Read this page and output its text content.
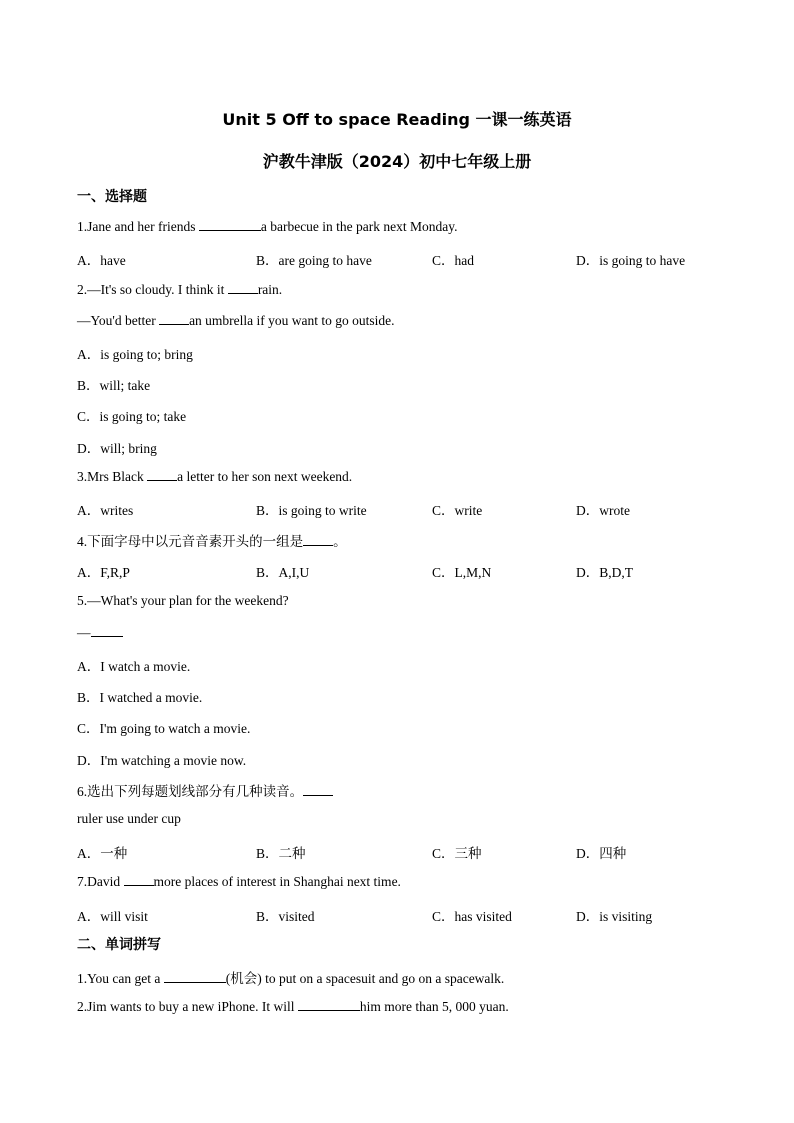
Unit 5 Off to space Reading 一课一练英语
沪教牛津版（2024）初中七年级上册
一、选择题
1.Jane and her friends	a barbecue in the park next Monday.
A．have	B．are going to have	C．had	D．is going to have
2.—It's so cloudy. I think it rain.
—You'd better an umbrella if you want to go outside.
A．is going to; bring
B．will; take
C．is going to; take
D．will; bring
3.Mrs Black a letter to her son next weekend.
A．writes	B．is going to write	C．write	D．wrote
4.下面字母中以元音音素开头的一组是 。
A．F,R,P	B．A,I,U	C．L,M,N	D．B,D,T
5.—What's your plan for the weekend?
—
A．I watch a movie.
B．I watched a movie.
C．I'm going to watch a movie.
D．I'm watching a movie now.
6.选出下列每题划线部分有几种读音。
ruler use under cup
A．一种	B．二种	C．三种	D．四种
7.David more places of interest in Shanghai next time.
A．will visit	B．visited	C．has visited	D．is visiting
二、单词拼写
1.You can get a	(机会) to put on a spacesuit and go on a spacewalk.
2.Jim wants to buy a new iPhone. It will	him more than 5, 000 yuan.
